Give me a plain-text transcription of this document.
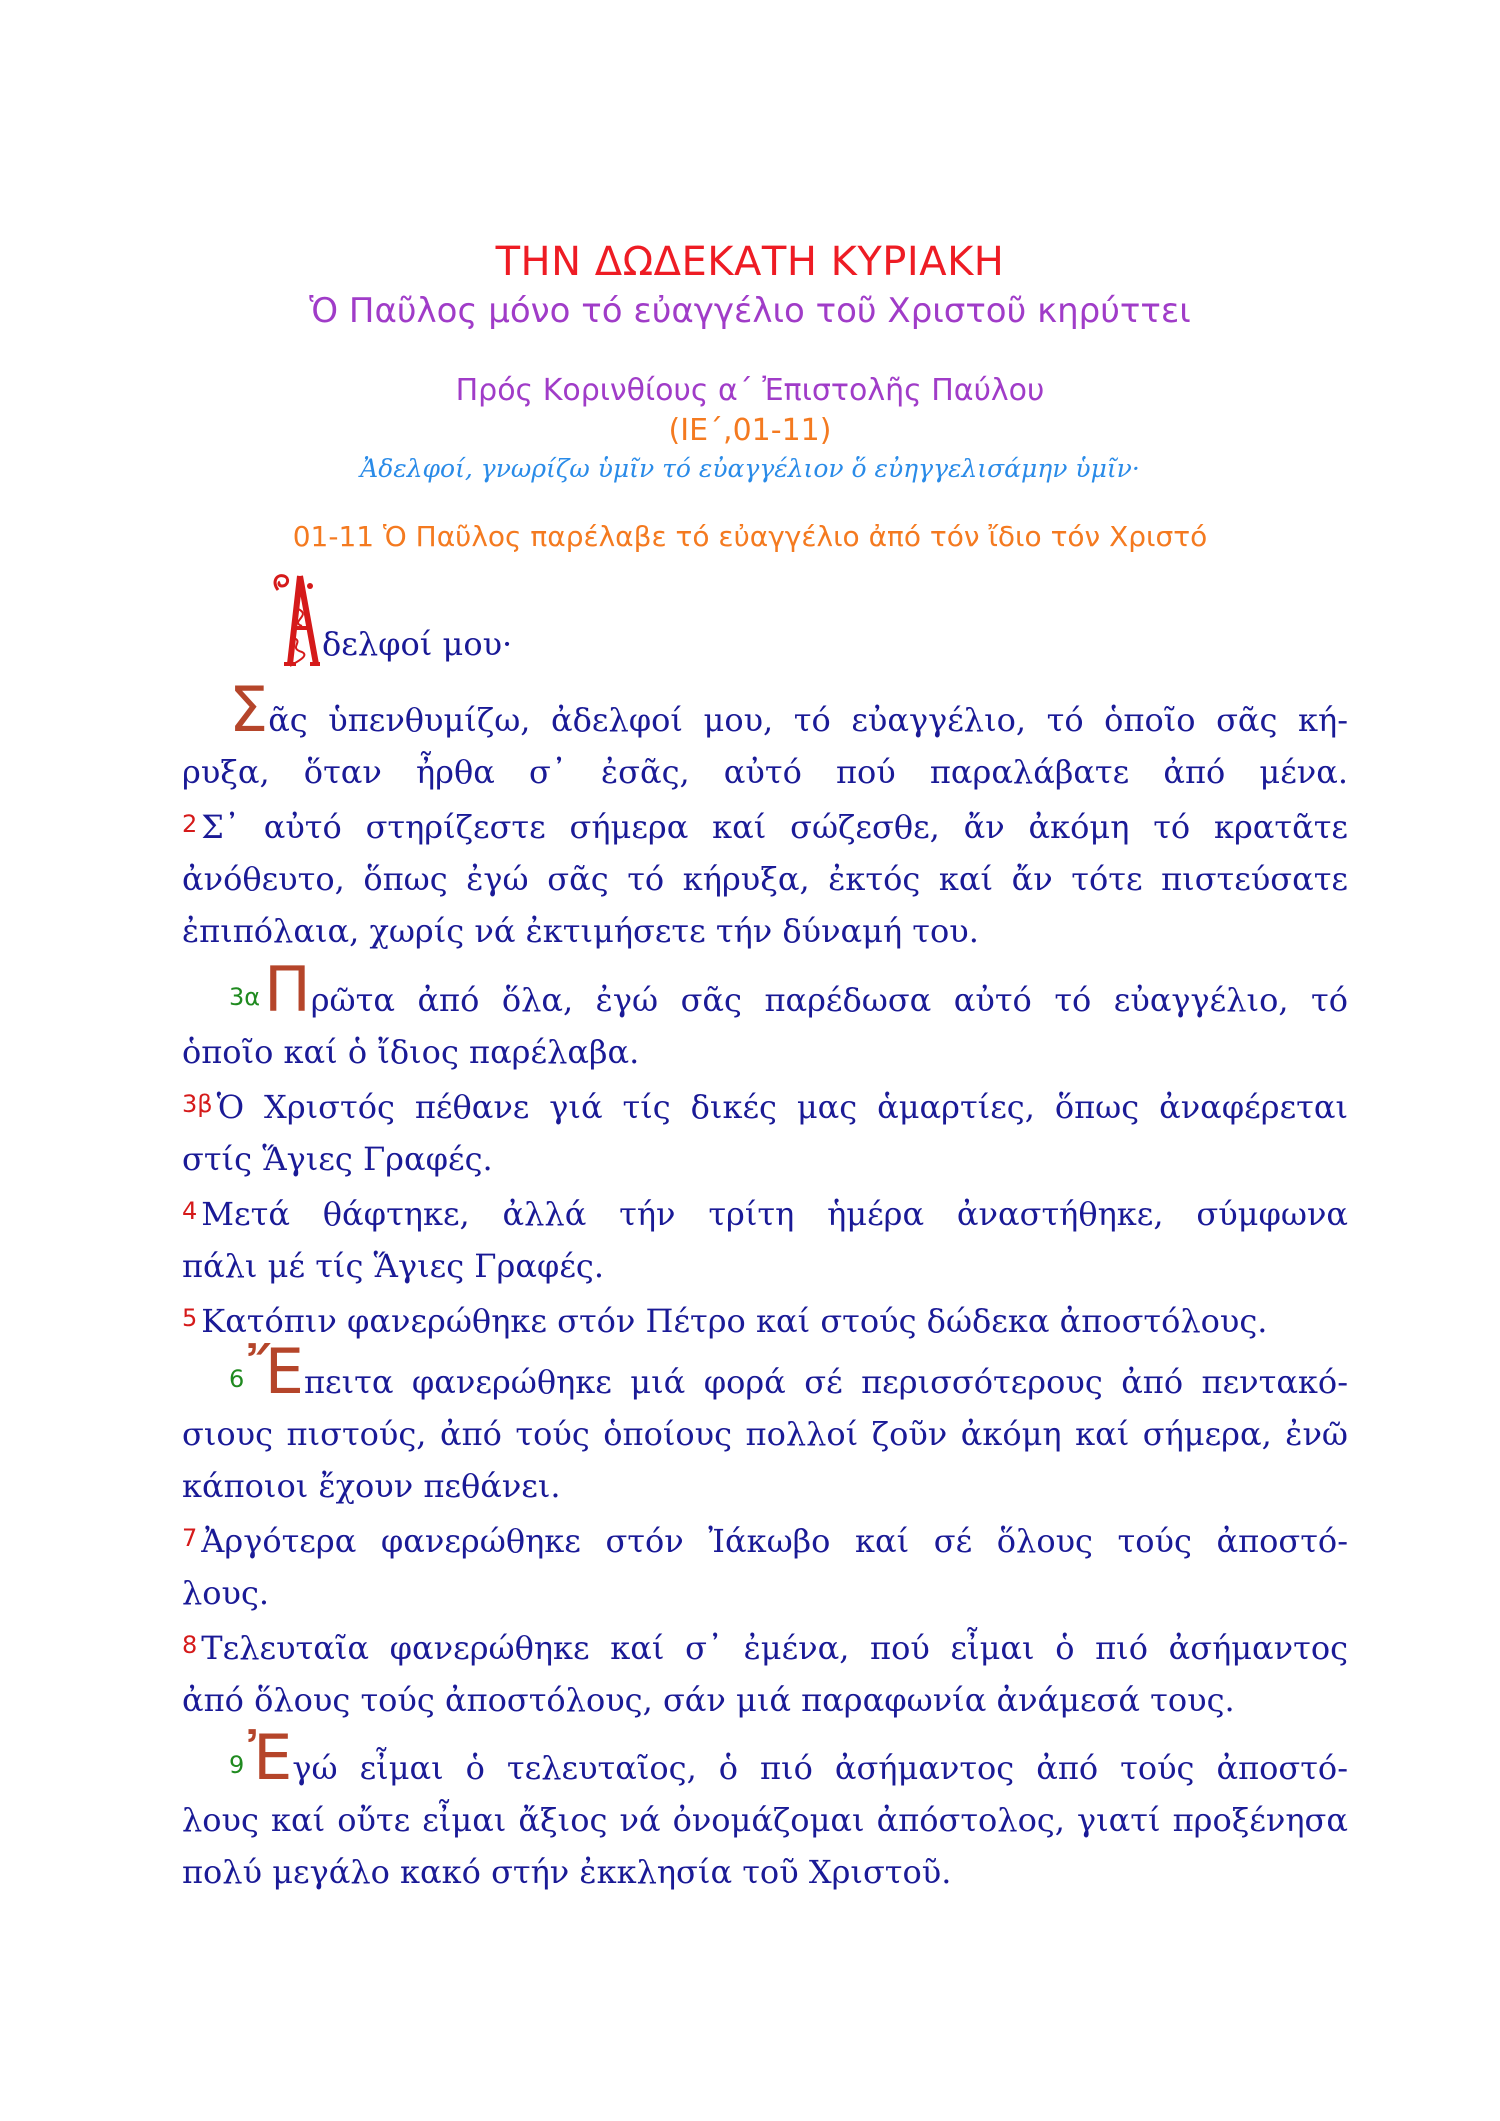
ΤΗΝ ΔΩΔΕΚΑΤΗ ΚΥΡΙΑΚΗ
Ὁ Παῦλος μόνο τό εὐαγγέλιο τοῦ Χριστοῦ κηρύττει
Πρός Κορινθίους α΄ Ἐπιστολῆς Παύλου
(ΙΕ΄,01-11)
Ἀδελφοί, γνωρίζω ὑμῖν τό εὐαγγέλιον ὅ εὐηγγελισάμην ὑμῖν·
01-11 Ὁ Παῦλος παρέλαβε τό εὐαγγέλιο ἀπό τόν ἴδιο τόν Χριστό
δελφοί μου·
Σᾶς ὑπενθυμίζω, ἀδελφοί μου, τό εὐαγγέλιο, τό ὁποῖο σᾶς κή-
ρυξα, ὅταν ἦρθα σ᾽ ἐσᾶς, αὐτό πού παραλάβατε ἀπό μένα.
2 Σ᾽ αὐτό στηρίζεστε σήμερα καί σώζεσθε, ἄν ἀκόμη τό κρατᾶτε
ἀνόθευτο, ὅπως ἐγώ σᾶς τό κήρυξα, ἐκτός καί ἄν τότε πιστεύσατε
ἐπιπόλαια, χωρίς νά ἐκτιμήσετε τήν δύναμή του.
3αΠρῶτα ἀπό ὅλα, ἐγώ σᾶς παρέδωσα αὐτό τό εὐαγγέλιο, τό
ὁποῖο καί ὁ ἴδιος παρέλαβα.
3β Ὁ Χριστός πέθανε γιά τίς δικές μας ἁμαρτίες, ὅπως ἀναφέρεται
στίς Ἅγιες Γραφές.
4 Μετά θάφτηκε, ἀλλά τήν τρίτη ἡμέρα ἀναστήθηκε, σύμφωνα
πάλι μέ τίς Ἅγιες Γραφές.
5 Κατόπιν φανερώθηκε στόν Πέτρο καί στούς δώδεκα ἀποστόλους.
6Ἔπειτα φανερώθηκε μιά φορά σέ περισσότερους ἀπό πεντακό-
σιους πιστούς, ἀπό τούς ὁποίους πολλοί ζοῦν ἀκόμη καί σήμερα, ἐνῶ
κάποιοι ἔχουν πεθάνει.
7 Ἀργότερα φανερώθηκε στόν Ἰάκωβο καί σέ ὅλους τούς ἀποστό-
λους.
8 Τελευταῖα φανερώθηκε καί σ᾽ ἐμένα, πού εἶμαι ὁ πιό ἀσήμαντος
ἀπό ὅλους τούς ἀποστόλους, σάν μιά παραφωνία ἀνάμεσά τους.
9Ἐγώ εἶμαι ὁ τελευταῖος, ὁ πιό ἀσήμαντος ἀπό τούς ἀποστό-
λους καί οὔτε εἶμαι ἄξιος νά ὀνομάζομαι ἀπόστολος, γιατί προξένησα
πολύ μεγάλο κακό στήν ἐκκλησία τοῦ Χριστοῦ.
